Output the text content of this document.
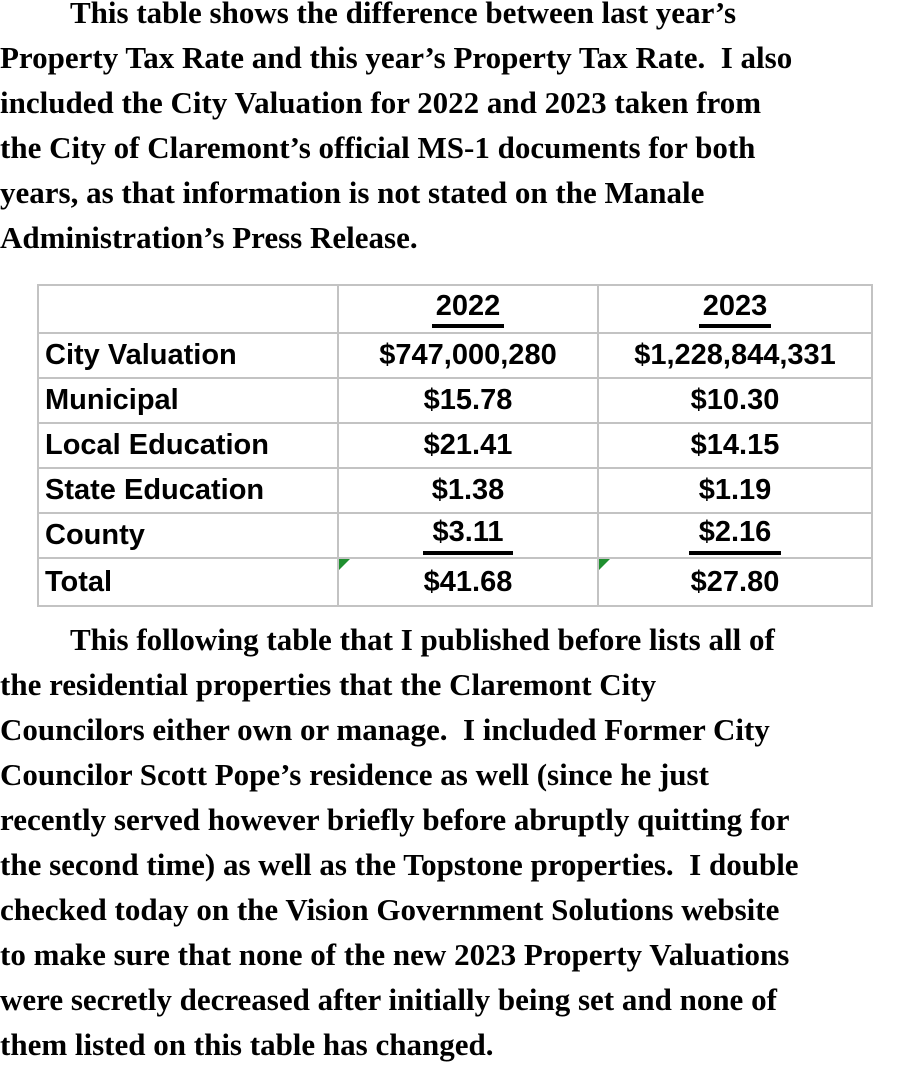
This table shows the difference between last year’s
Property Tax Rate and this year’s Property Tax Rate.  I also
included the City Valuation for 2022 and 2023 taken from
the City of Claremont’s official MS-1 documents for both
years, as that information is not stated on the Manale
Administration’s Press Release.
	2022	2023
City Valuation	$747,000,280	$1,228,844,331
Municipal	$15.78	$10.30
Local Education	$21.41	$14.15
State Education	$1.38	$1.19
County	$3.11	$2.16
Total	$41.68	$27.80
This following table that I published before lists all of
the residential properties that the Claremont City
Councilors either own or manage.  I included Former City
Councilor Scott Pope’s residence as well (since he just
recently served however briefly before abruptly quitting for
the second time) as well as the Topstone properties.  I double
checked today on the Vision Government Solutions website
to make sure that none of the new 2023 Property Valuations
were secretly decreased after initially being set and none of
them listed on this table has changed.
